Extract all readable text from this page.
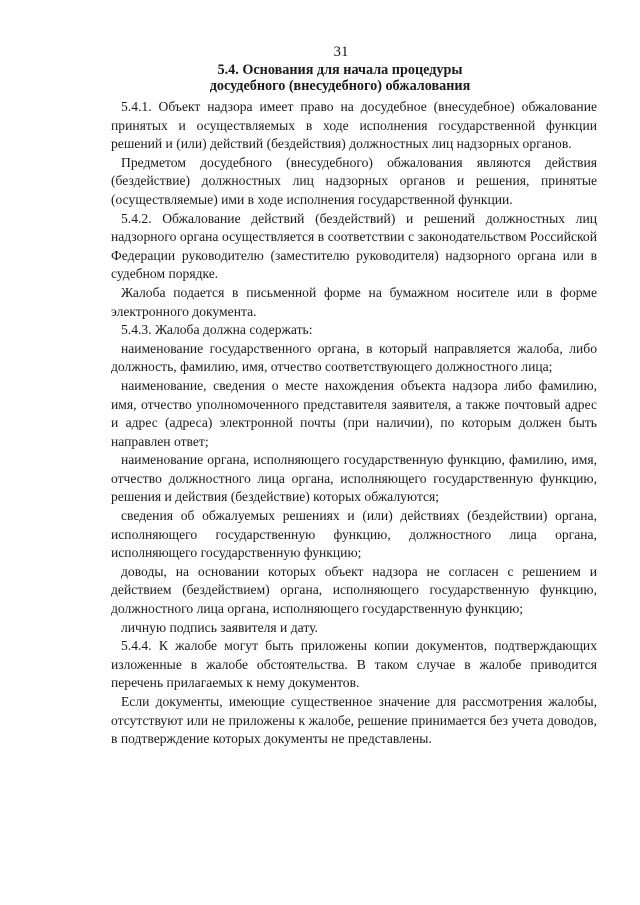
31
5.4. Основания для начала процедуры
досудебного (внесудебного) обжалования

5.4.1. Объект надзора имеет право на досудебное (внесудебное) обжалование принятых и осуществляемых в ходе исполнения государственной функции решений и (или) действий (бездействия) должностных лиц надзорных органов.

Предметом досудебного (внесудебного) обжалования являются действия (бездействие) должностных лиц надзорных органов и решения, принятые (осуществляемые) ими в ходе исполнения государственной функции.

5.4.2. Обжалование действий (бездействий) и решений должностных лиц надзорного органа осуществляется в соответствии с законодательством Российской Федерации руководителю (заместителю руководителя) надзорного органа или в судебном порядке.

Жалоба подается в письменной форме на бумажном носителе или в форме электронного документа.

5.4.3. Жалоба должна содержать:

наименование государственного органа, в который направляется жалоба, либо должность, фамилию, имя, отчество соответствующего должностного лица;

наименование, сведения о месте нахождения объекта надзора либо фамилию, имя, отчество уполномоченного представителя заявителя, а также почтовый адрес и адрес (адреса) электронной почты (при наличии), по которым должен быть направлен ответ;

наименование органа, исполняющего государственную функцию, фамилию, имя, отчество должностного лица органа, исполняющего государственную функцию, решения и действия (бездействие) которых обжалуются;

сведения об обжалуемых решениях и (или) действиях (бездействии) органа, исполняющего государственную функцию, должностного лица органа, исполняющего государственную функцию;

доводы, на основании которых объект надзора не согласен с решением и действием (бездействием) органа, исполняющего государственную функцию, должностного лица органа, исполняющего государственную функцию;

личную подпись заявителя и дату.

5.4.4. К жалобе могут быть приложены копии документов, подтверждающих изложенные в жалобе обстоятельства. В таком случае в жалобе приводится перечень прилагаемых к нему документов.

Если документы, имеющие существенное значение для рассмотрения жалобы, отсутствуют или не приложены к жалобе, решение принимается без учета доводов, в подтверждение которых документы не представлены.
